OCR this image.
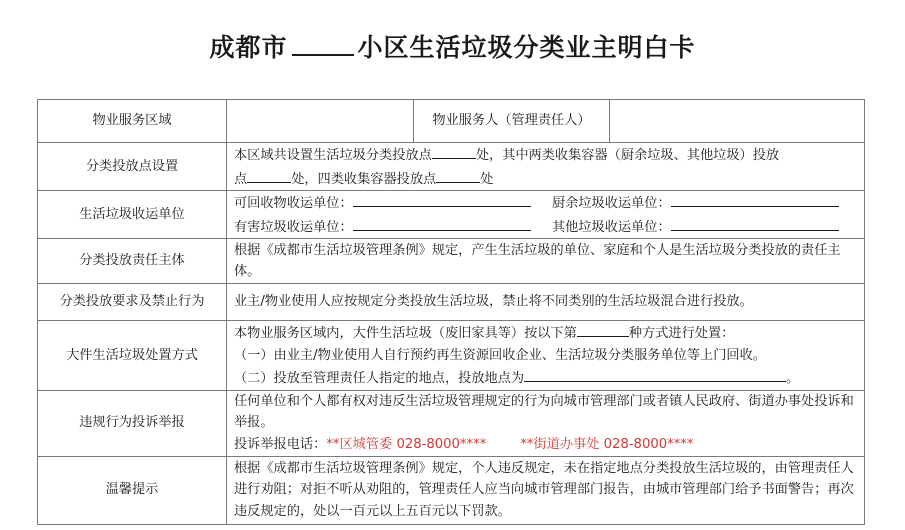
成都市	小区生活垃圾分类业主明白卡
物业服务区域		物业服务人（管理责任人）	
分类投放点设置	本区域共设置生活垃圾分类投放点 处，其中两类收集容器（厨余垃圾、其他垃圾）投放
点 处，四类收集容器投放点 处		

生活垃圾收运单位	可回收物收运单位： 厨余垃圾收运单位：
有害垃圾收运单位： 其他垃圾收运单位：		

分类投放责任主体	根据《成都市生活垃圾管理条例》规定，产生生活垃圾的单位、家庭和个人是生活垃圾分类投放的责任主体。		
分类投放要求及禁止行为	业主/物业使用人应按规定分类投放生活垃圾，禁止将不同类别的生活垃圾混合进行投放。		
大件生活垃圾处置方式	本物业服务区域内，大件生活垃圾（废旧家具等）按以下第 种方式进行处置：
（一）由业主/物业使用人自行预约再生资源回收企业、生活垃圾分类服务单位等上门回收。
（二）投放至管理责任人指定的地点，投放地点为 。		

违规行为投诉举报	任何单位和个人都有权对违反生活垃圾管理规定的行为向城市管理部门或者镇人民政府、街道办事处投诉和举报。
投诉举报电话：**区城管委 028-8000**** **街道办事处 028-8000****		

温馨提示	根据《成都市生活垃圾管理条例》规定，个人违反规定，未在指定地点分类投放生活垃圾的，由管理责任人进行劝阻；对拒不听从劝阻的，管理责任人应当向城市管理部门报告，由城市管理部门给予书面警告；再次违反规定的，处以一百元以上五百元以下罚款。		
